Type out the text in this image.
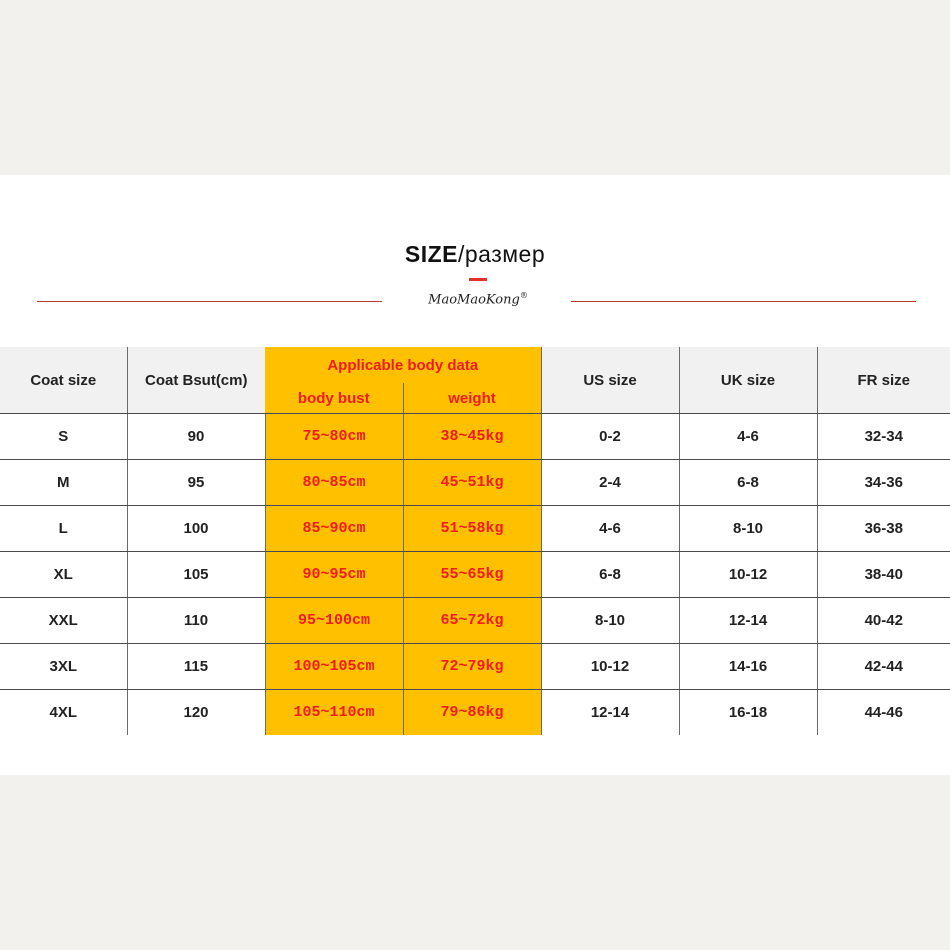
SIZE/размер
MaoMaoKong®
Coat size	Coat Bsut(cm)	Applicable body data		US size	UK size	FR size
		body bust	weight			
S	90	75~80cm	38~45kg	0-2	4-6	32-34
M	95	80~85cm	45~51kg	2-4	6-8	34-36
L	100	85~90cm	51~58kg	4-6	8-10	36-38
XL	105	90~95cm	55~65kg	6-8	10-12	38-40
XXL	110	95~100cm	65~72kg	8-10	12-14	40-42
3XL	115	100~105cm	72~79kg	10-12	14-16	42-44
4XL	120	105~110cm	79~86kg	12-14	16-18	44-46
